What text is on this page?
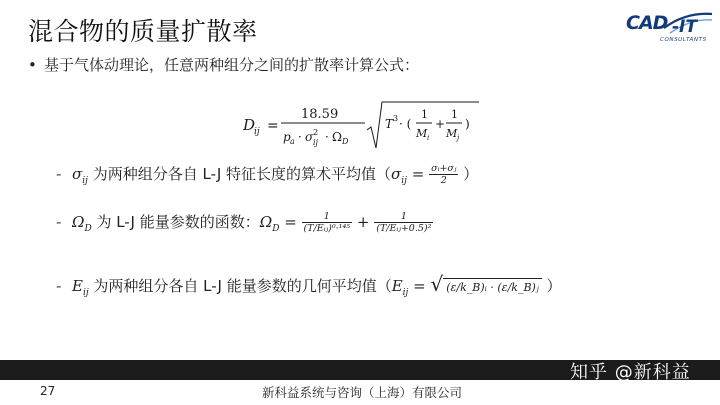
混合物的质量扩散率	-IT
CAD
CONSULTANTS
• 基于气体动理论，任意两种组分之间的扩散率计算公式：
D
ij =
18.59
p a · σ ij
2 · Ω D
T 3 · (
1
M i
+
1
M j
)
- $\sigma_{ij}$ 为两种组分各自 L-J 特征长度的算术平均值（$\sigma_{ij} = \frac{\text{σᵢ+σⱼ}}{2}$ ）
- $\Omega_D$ 为 L-J 能量参数的函数：$\Omega_D = \frac{1}{\text{(T/Eᵢⱼ)⁰·¹⁴⁵}} + \frac{1}{\text{(T/Eᵢⱼ+0.5)²}}$
- $E_{ij}$ 为两种组分各自 L-J 能量参数的几何平均值（$E_{ij}$ = √ (ε/k_B)ᵢ · (ε/k_B)ⱼ ）
知乎 @新科益
27	新科益系统与咨询（上海）有限公司
